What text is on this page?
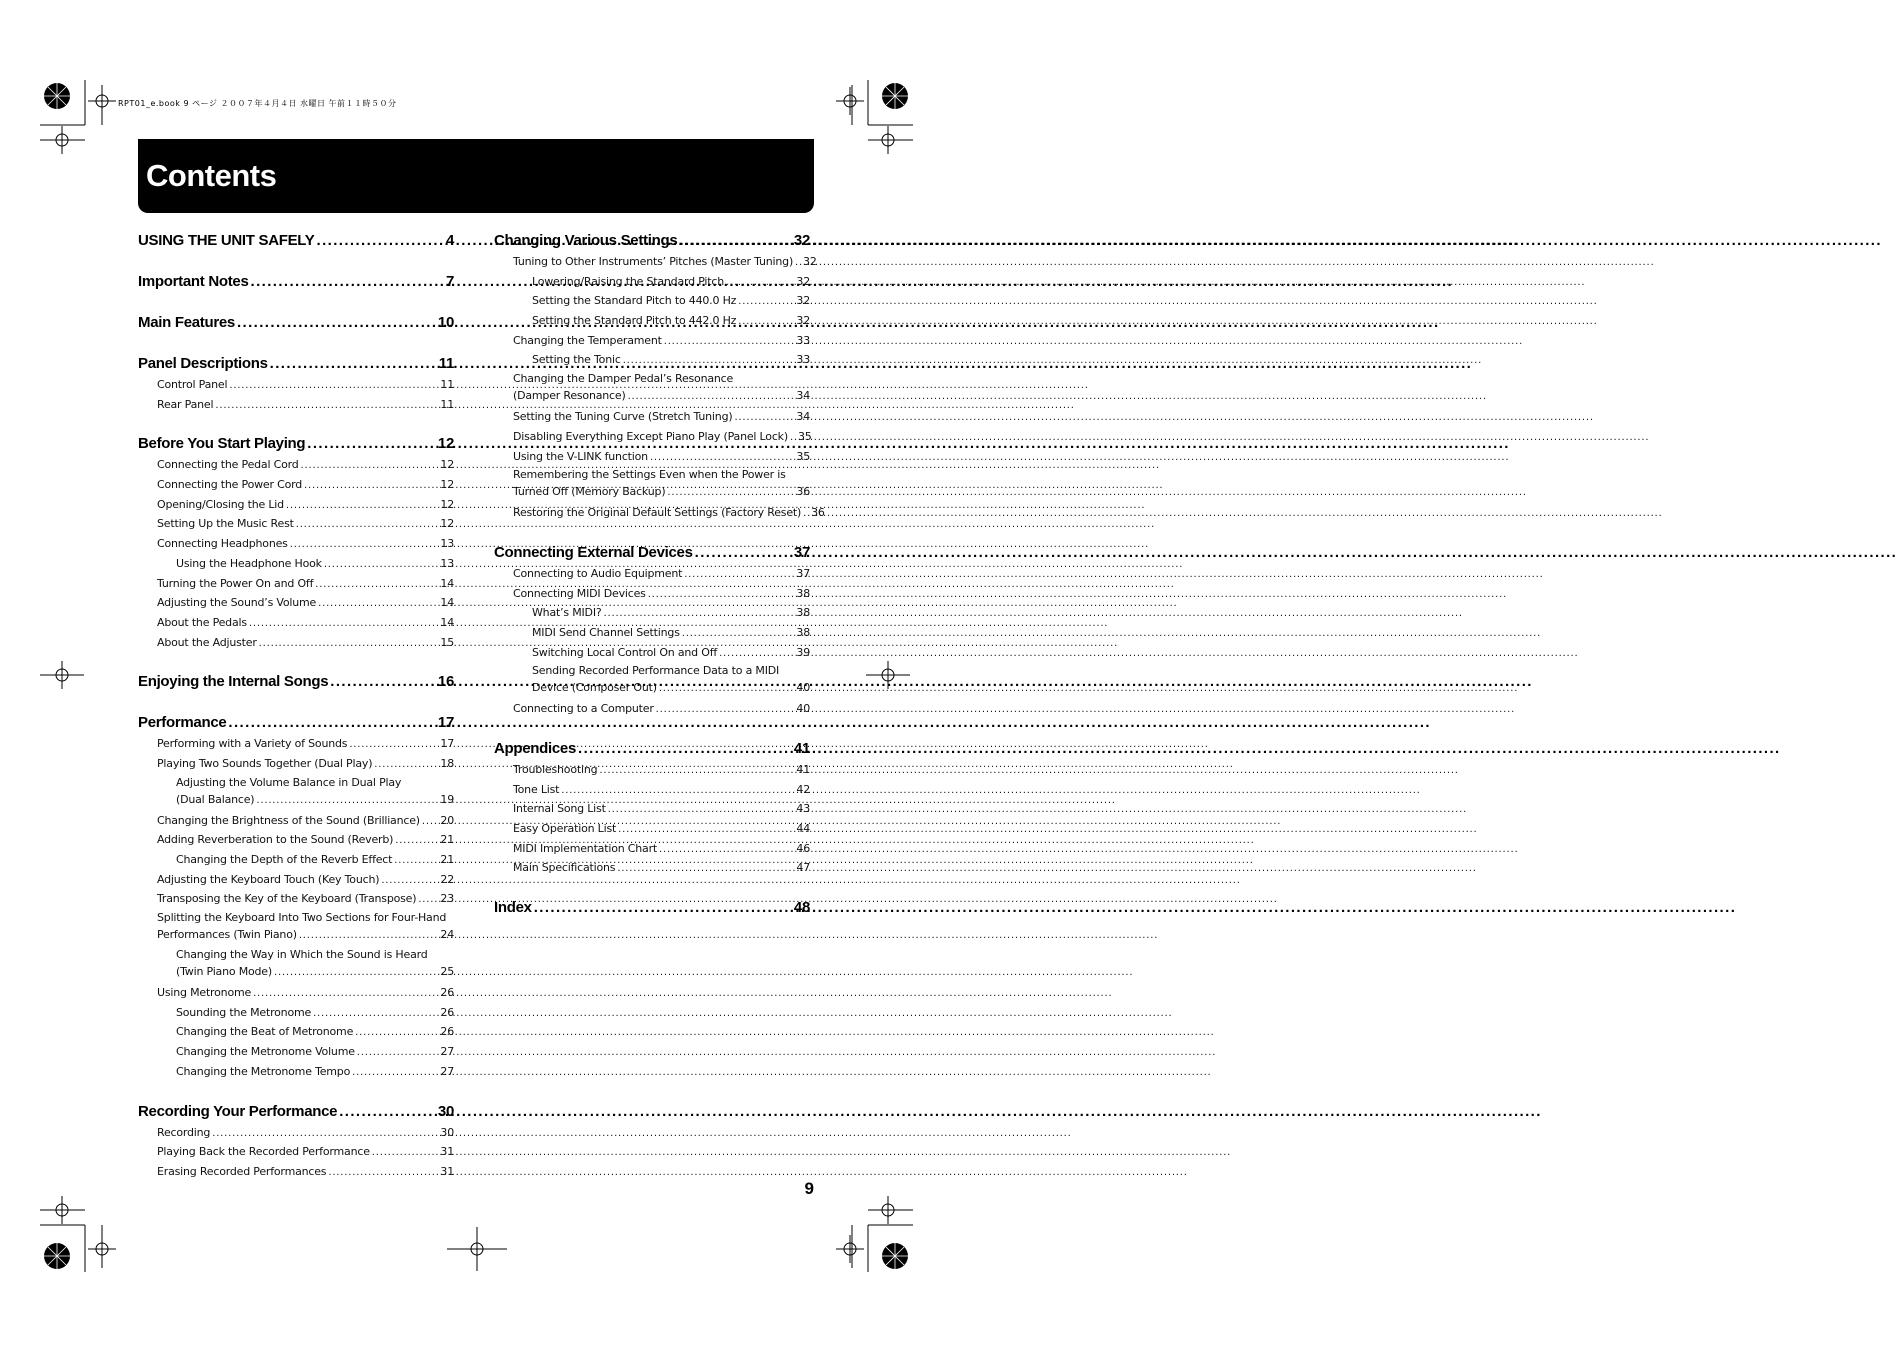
RPT01_e.book 9 ページ ２００７年４月４日 水曜日 午前１１時５０分
Contents
USING THE UNIT SAFELY .....	4
Important Notes .....	7
Main Features .....	10
Panel Descriptions .....	11
Control Panel .....	11
Rear Panel .....	11
Before You Start Playing .....	12
Connecting the Pedal Cord .....	12
Connecting the Power Cord .....	12
Opening/Closing the Lid .....	12
Setting Up the Music Rest .....	12
Connecting Headphones .....	13
Using the Headphone Hook .....	13
Turning the Power On and Off .....	14
Adjusting the Sound’s Volume .....	14
About the Pedals .....	14
About the Adjuster .....	15
Enjoying the Internal Songs .....	16
Performance .....	17
Performing with a Variety of Sounds .....	17
Playing Two Sounds Together (Dual Play) .....	18
Adjusting the Volume Balance in Dual Play
(Dual Balance) .....	19
Changing the Brightness of the Sound (Brilliance) ..... 20
Adding Reverberation to the Sound (Reverb) .....	21
Changing the Depth of the Reverb Effect .....	21
Adjusting the Keyboard Touch (Key Touch) .....	22
Transposing the Key of the Keyboard (Transpose) ..... 23
Splitting the Keyboard Into Two Sections for Four-Hand
Performances (Twin Piano) .....	24
Changing the Way in Which the Sound is Heard
(Twin Piano Mode) .....	25
Using Metronome .....	26
Sounding the Metronome .....	26
Changing the Beat of Metronome .....	26
Changing the Metronome Volume .....	27
Changing the Metronome Tempo .....	27
Recording Your Performance .....	30
Recording .....	30
Playing Back the Recorded Performance .....	31
Erasing Recorded Performances .....	31
Changing Various Settings .....	32
Tuning to Other Instruments’ Pitches (Master Tuning) ..... 32
Lowering/Raising the Standard Pitch .....	32
Setting the Standard Pitch to 440.0 Hz .....	32
Setting the Standard Pitch to 442.0 Hz .....	32
Changing the Temperament .....	33
Setting the Tonic .....	33
Changing the Damper Pedal’s Resonance
(Damper Resonance) .....	34
Setting the Tuning Curve (Stretch Tuning) .....	34
Disabling Everything Except Piano Play (Panel Lock) ..... 35
Using the V-LINK function .....	35
Remembering the Settings Even when the Power is
Turned Off (Memory Backup) .....	36
Restoring the Original Default Settings (Factory Reset) ..... 36
Connecting External Devices .....	37
Connecting to Audio Equipment .....	37
Connecting MIDI Devices .....	38
What’s MIDI? .....	38
MIDI Send Channel Settings .....	38
Switching Local Control On and Off .....	39
Sending Recorded Performance Data to a MIDI
Device (Composer Out) .....	40
Connecting to a Computer .....	40
Appendices .....	41
Troubleshooting .....	41
Tone List .....	42
Internal Song List .....	43
Easy Operation List .....	44
MIDI Implementation Chart .....	46
Main Specifications .....	47
Index .....	48
9
